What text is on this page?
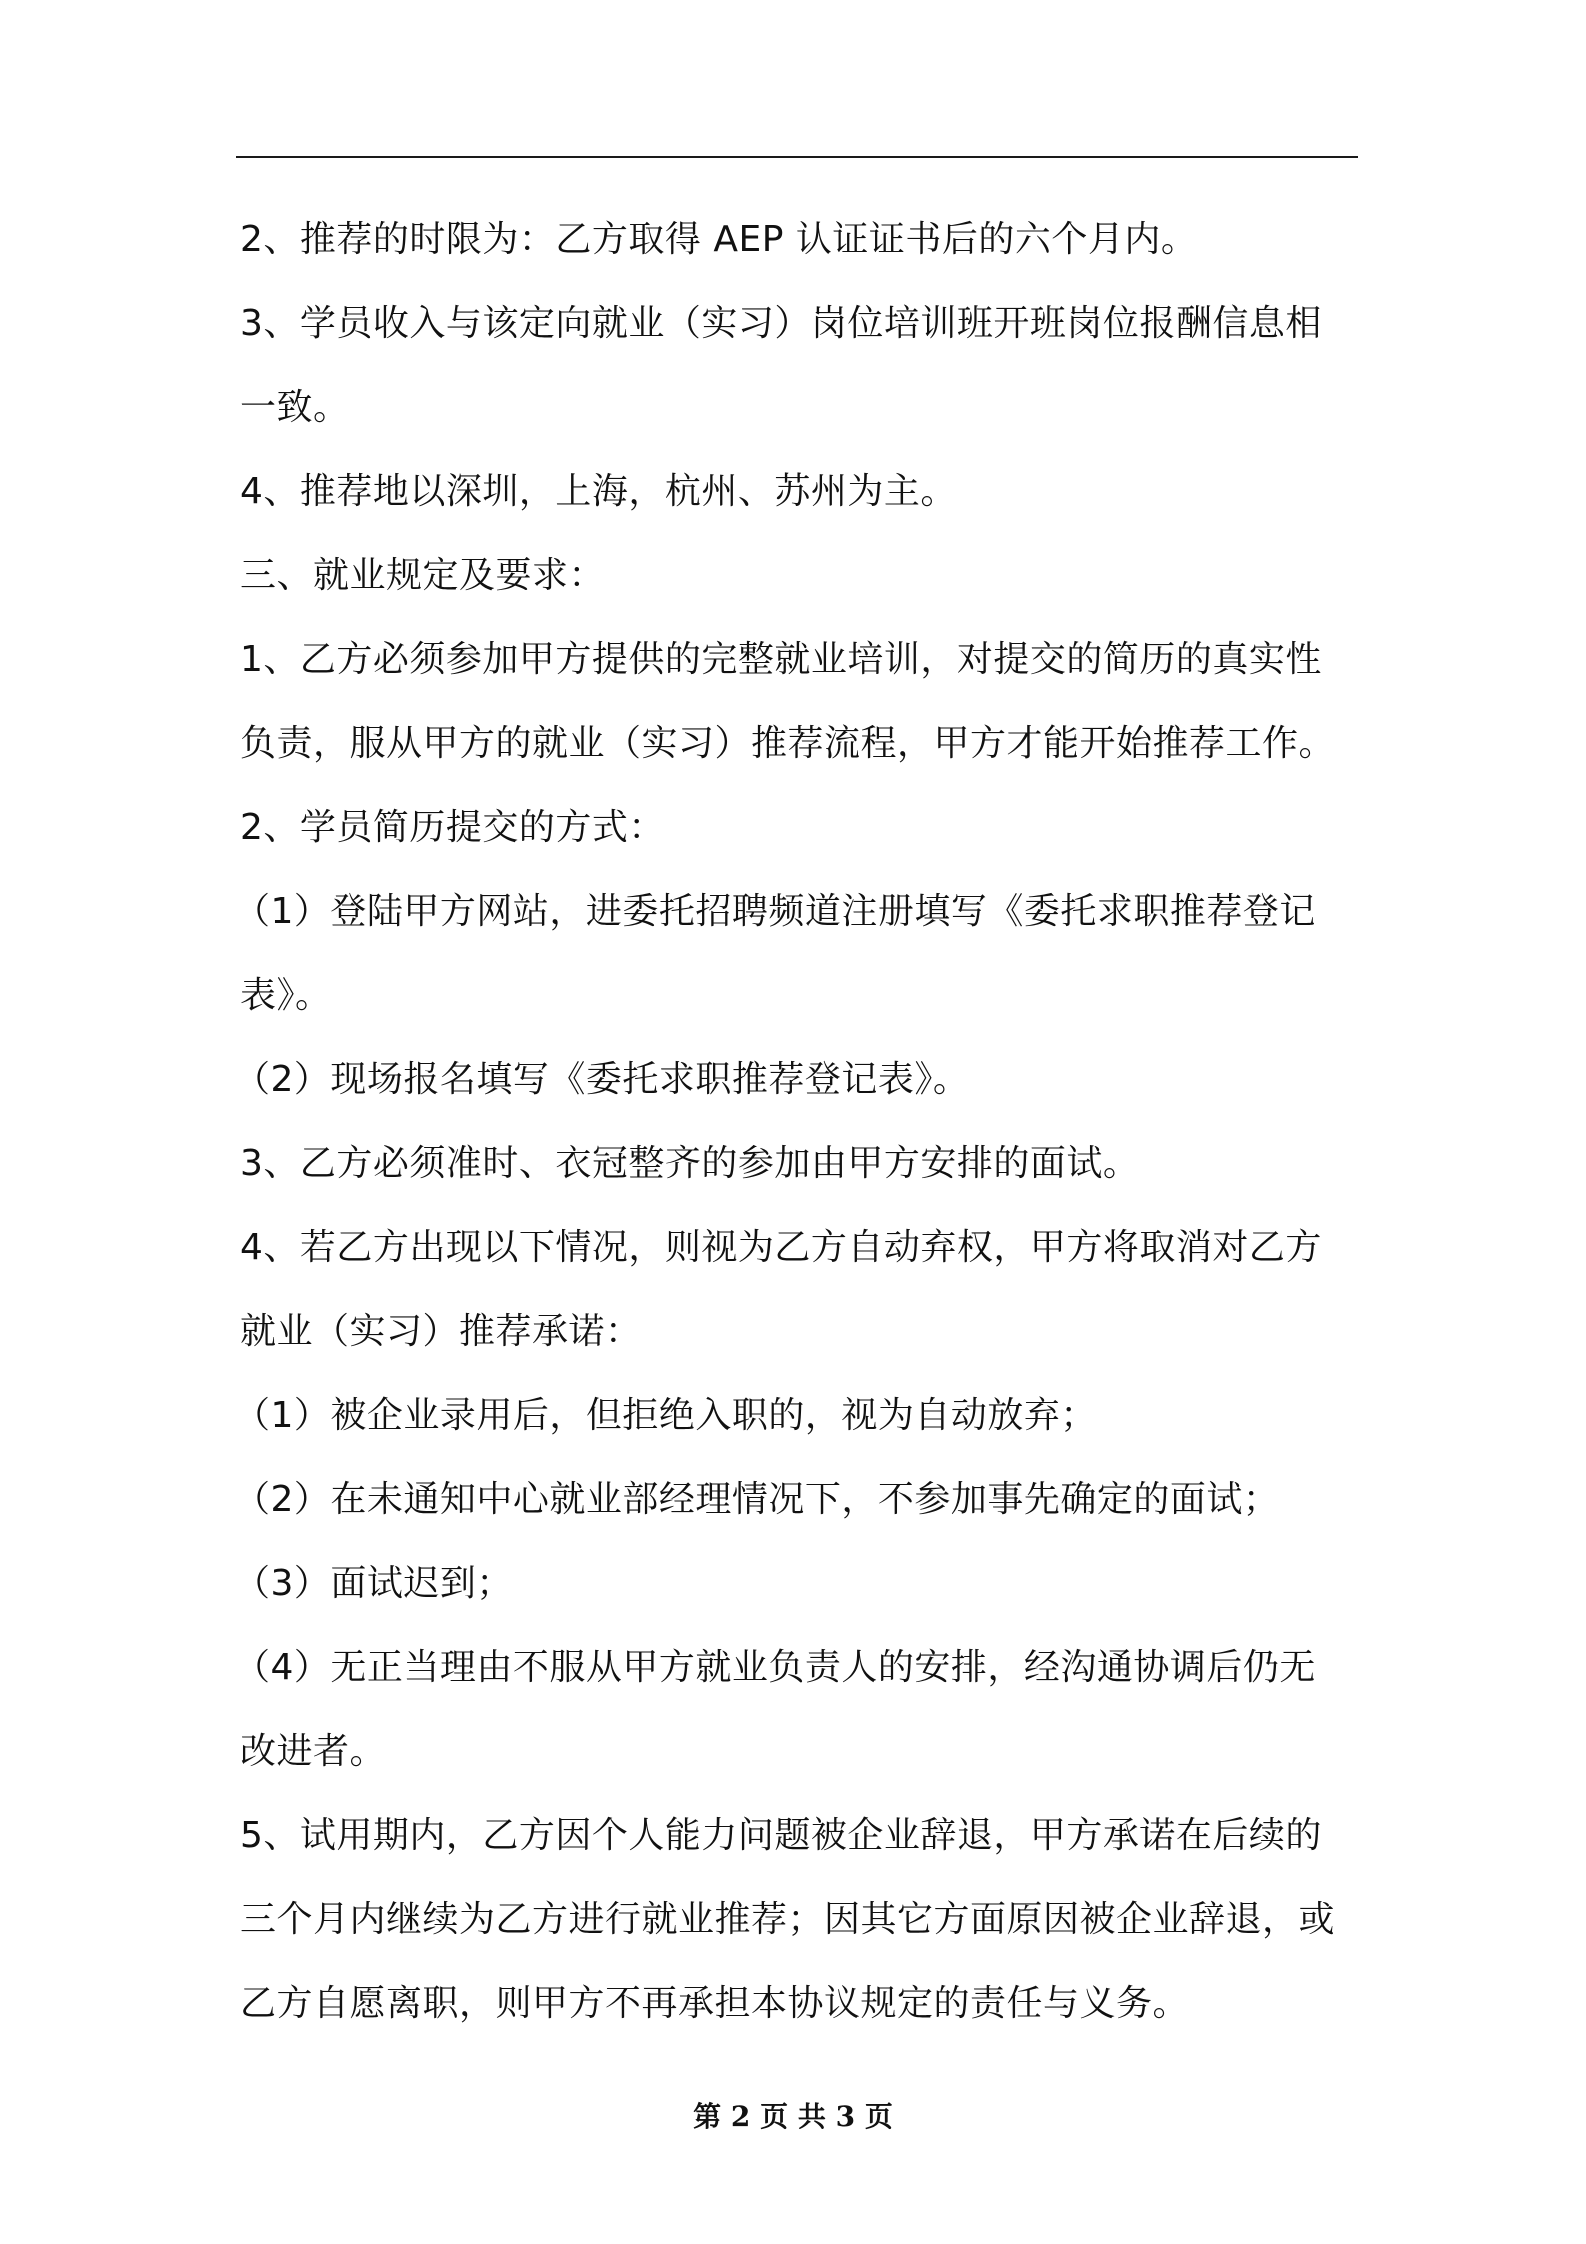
2、推荐的时限为：乙方取得 AEP 认证证书后的六个月内。

3、学员收入与该定向就业（实习）岗位培训班开班岗位报酬信息相

一致。

4、推荐地以深圳，上海，杭州、苏州为主。

三、就业规定及要求：

1、乙方必须参加甲方提供的完整就业培训，对提交的简历的真实性

负责，服从甲方的就业（实习）推荐流程，甲方才能开始推荐工作。

2、学员简历提交的方式：

（1）登陆甲方网站，进委托招聘频道注册填写《委托求职推荐登记

表》。

（2）现场报名填写《委托求职推荐登记表》。

3、乙方必须准时、衣冠整齐的参加由甲方安排的面试。

4、若乙方出现以下情况，则视为乙方自动弃权，甲方将取消对乙方

就业（实习）推荐承诺：

（1）被企业录用后，但拒绝入职的，视为自动放弃；

（2）在未通知中心就业部经理情况下，不参加事先确定的面试；

（3）面试迟到；

（4）无正当理由不服从甲方就业负责人的安排，经沟通协调后仍无

改进者。

5、试用期内，乙方因个人能力问题被企业辞退，甲方承诺在后续的

三个月内继续为乙方进行就业推荐；因其它方面原因被企业辞退，或

乙方自愿离职，则甲方不再承担本协议规定的责任与义务。

第 2 页 共 3 页
